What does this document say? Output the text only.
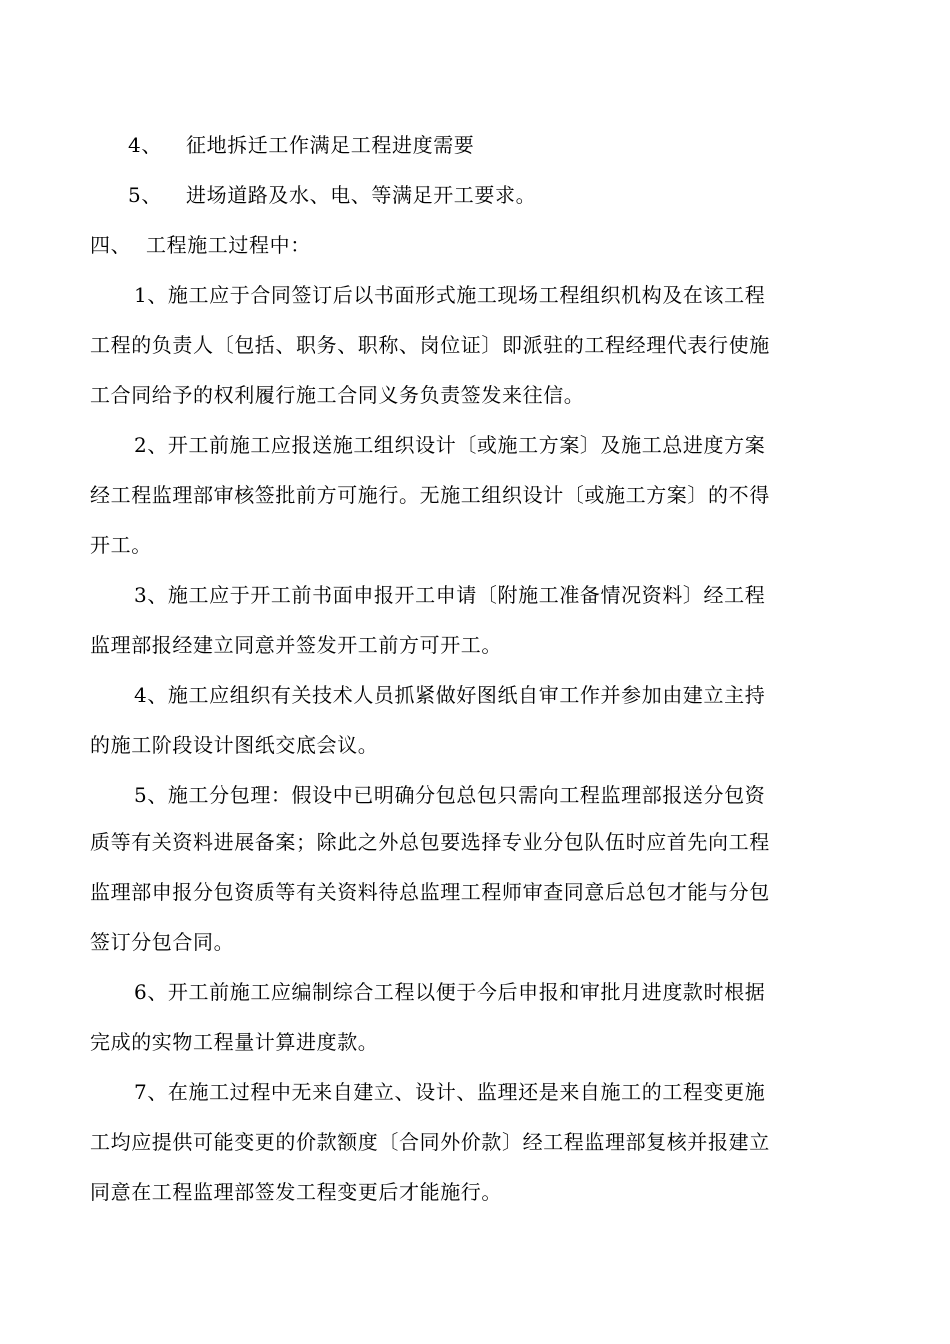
4、 征地拆迁工作满足工程进度需要
5、 进场道路及水、电、等满足开工要求。
四、 工程施工过程中：
1、施工应于合同签订后以书面形式施工现场工程组织机构及在该工程
工程的负责人〔包括、职务、职称、岗位证〕即派驻的工程经理代表行使施
工合同给予的权利履行施工合同义务负责签发来往信。
2、开工前施工应报送施工组织设计〔或施工方案〕及施工总进度方案
经工程监理部审核签批前方可施行。无施工组织设计〔或施工方案〕的不得
开工。
3、施工应于开工前书面申报开工申请〔附施工准备情况资料〕经工程
监理部报经建立同意并签发开工前方可开工。
4、施工应组织有关技术人员抓紧做好图纸自审工作并参加由建立主持
的施工阶段设计图纸交底会议。
5、施工分包理：假设中已明确分包总包只需向工程监理部报送分包资
质等有关资料进展备案；除此之外总包要选择专业分包队伍时应首先向工程
监理部申报分包资质等有关资料待总监理工程师审查同意后总包才能与分包
签订分包合同。
6、开工前施工应编制综合工程以便于今后申报和审批月进度款时根据
完成的实物工程量计算进度款。
7、在施工过程中无来自建立、设计、监理还是来自施工的工程变更施
工均应提供可能变更的价款额度〔合同外价款〕经工程监理部复核并报建立
同意在工程监理部签发工程变更后才能施行。
